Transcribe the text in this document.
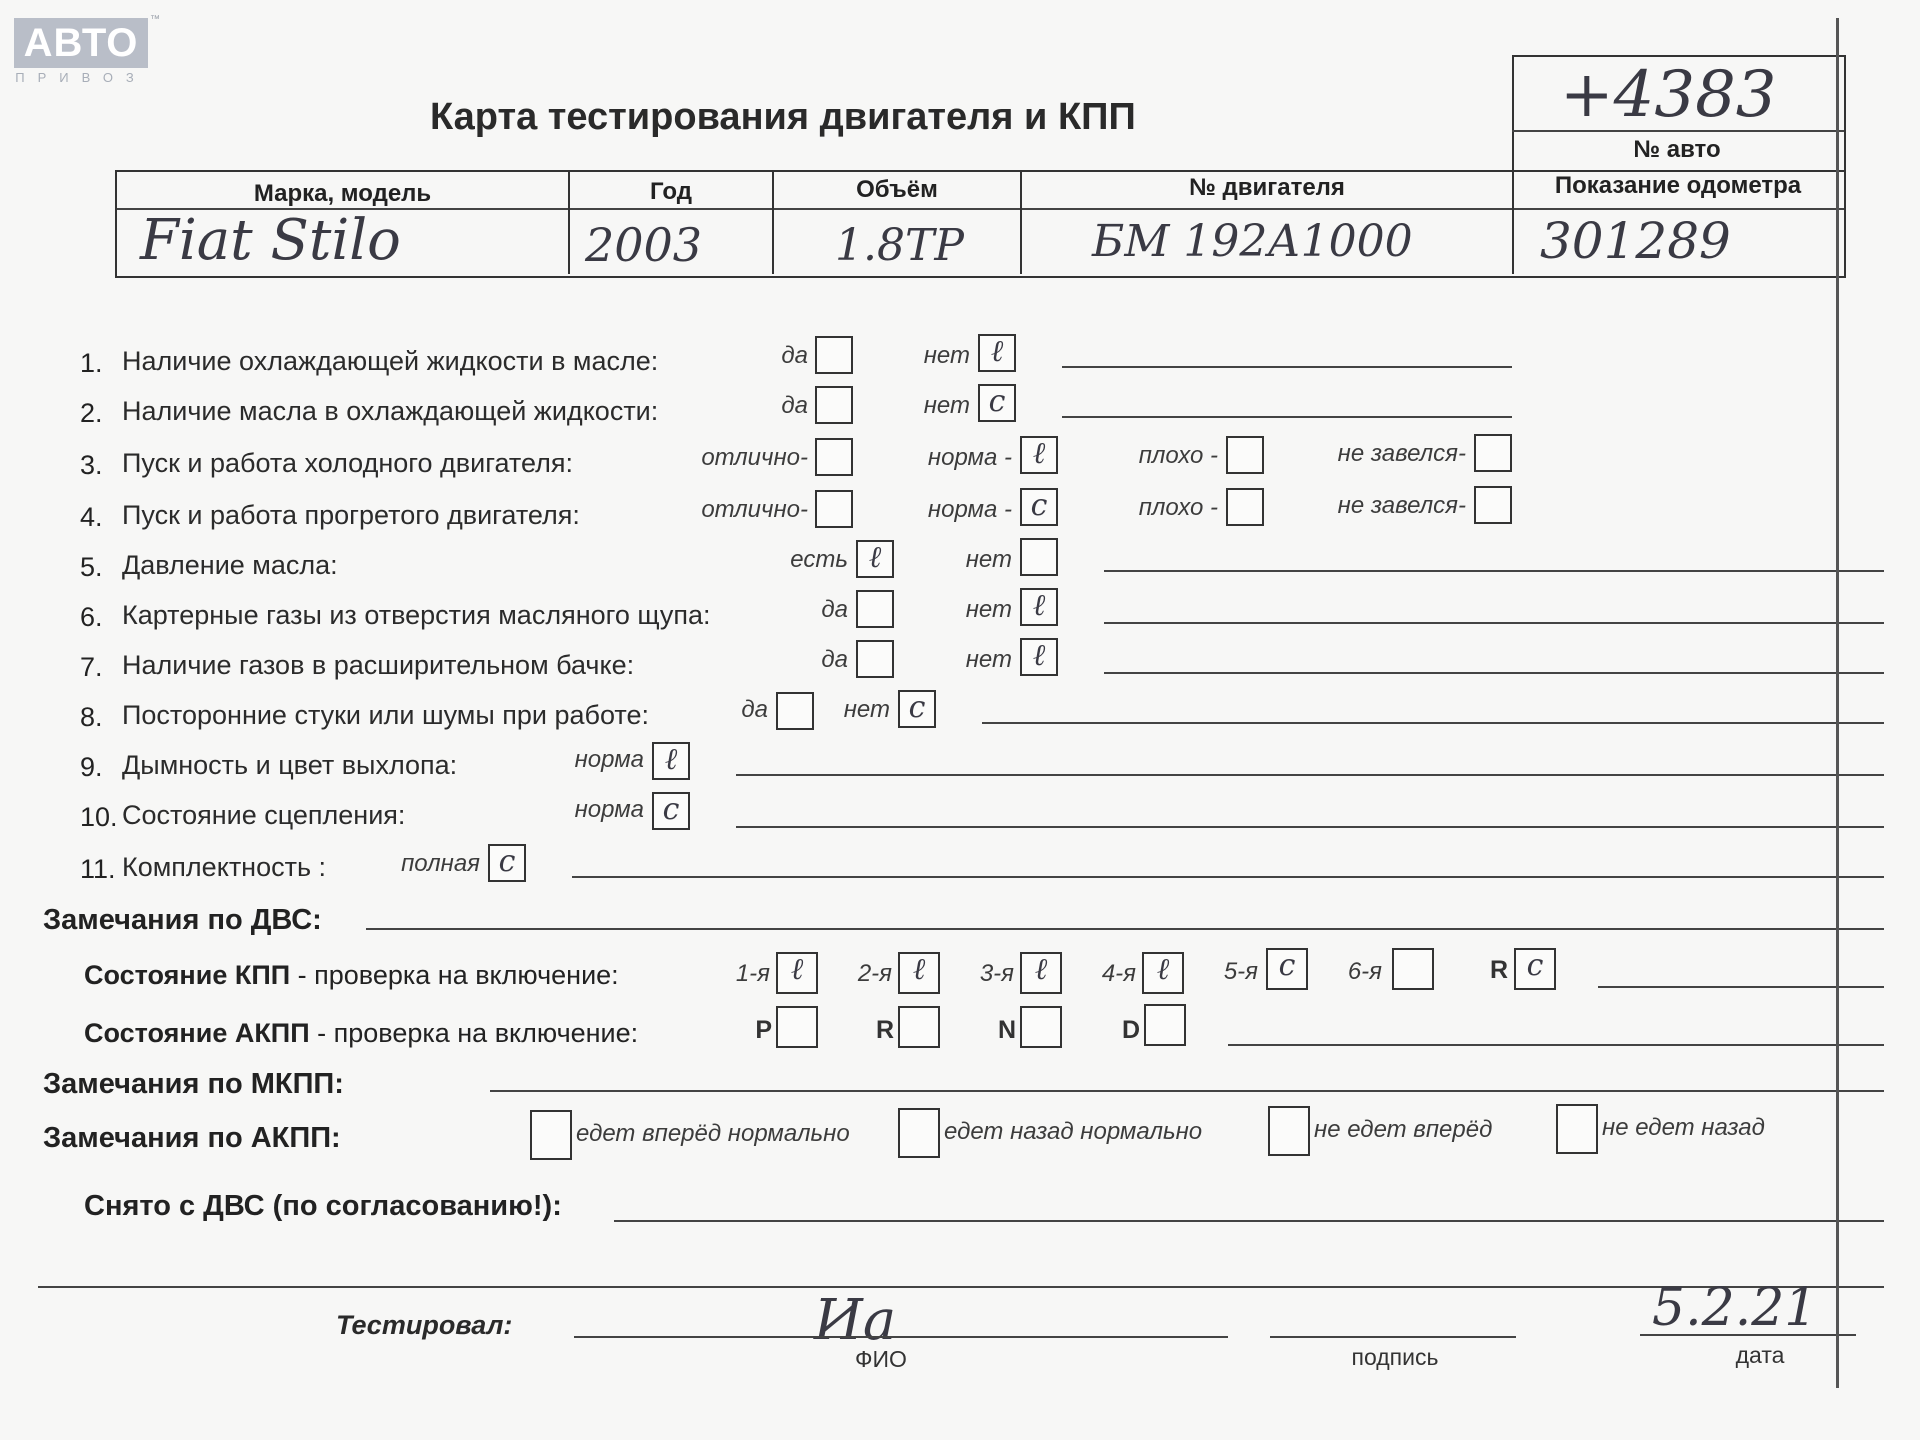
АВТО
™
ПРИВОЗ
Карта тестирования двигателя и КПП	+4383
№ авто
Марка, модель	Год	Объём	№ двигателя	Показание одометра
Fiat Stilo	2003	1.8TP	БМ 192А1000	301289
1. Наличие охлаждающей жидкости в масле:	да	нет ℓ
2. Наличие масла в охлаждающей жидкости:	да	нет c
3. Пуск и работа холодного двигателя:	отлично-	норма - ℓ	плохо -	не завелся-
4. Пуск и работа прогретого двигателя:	отлично-	норма - c	плохо -	не завелся-
5. Давление масла:	есть ℓ	нет
6. Картерные газы из отверстия масляного щупа:	да	нет ℓ
7. Наличие газов в расширительном бачке:	да	нет ℓ
8. Посторонние стуки или шумы при работе:	да	нет c
9. Дымность и цвет выхлопа:	норма ℓ
10. Состояние сцепления:	норма c
11. Комплектность :	полная c
Замечания по ДВС:
Состояние КПП - проверка на включение:	1-я ℓ	2-я ℓ	3-я ℓ	4-я ℓ	5-я c	6-я	R c
Состояние АКПП - проверка на включение:	P	R	N	D
Замечания по МКПП:
Замечания по АКПП:	едет вперёд нормально	едет назад нормально	не едет вперёд	не едет назад
Снято с ДВС (по согласованию!):
Тестировал:	Иа
ФИО	подпись
5.2.21
дата
